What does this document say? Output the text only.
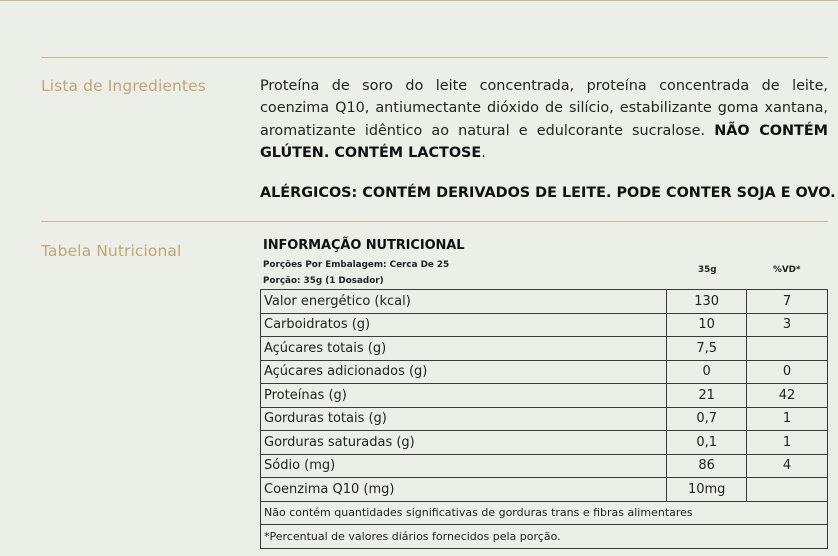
Lista de Ingredientes	Proteína de soro do leite concentrada, proteína concentrada de leite, coenzima Q10, antiumectante dióxido de silício, estabilizante goma xantana, aromatizante idêntico ao natural e edulcorante sucralose. NÃO CONTÉM GLÚTEN. CONTÉM LACTOSE.
ALÉRGICOS: CONTÉM DERIVADOS DE LEITE. PODE CONTER SOJA E OVO.
Tabela Nutricional	INFORMAÇÃO NUTRICIONAL
Porções Por Embalagem: Cerca De 25
Porção: 35g (1 Dosador)
35g	%VD*
Valor energético (kcal)	130	7
Carboidratos (g)	10	3
Açúcares totais (g)	7,5	
Açúcares adicionados (g)	0	0
Proteínas (g)	21	42
Gorduras totais (g)	0,7	1
Gorduras saturadas (g)	0,1	1
Sódio (mg)	86	4
Coenzima Q10 (mg)	10mg	
Não contém quantidades significativas de gorduras trans e fibras alimentares		
*Percentual de valores diários fornecidos pela porção.		
